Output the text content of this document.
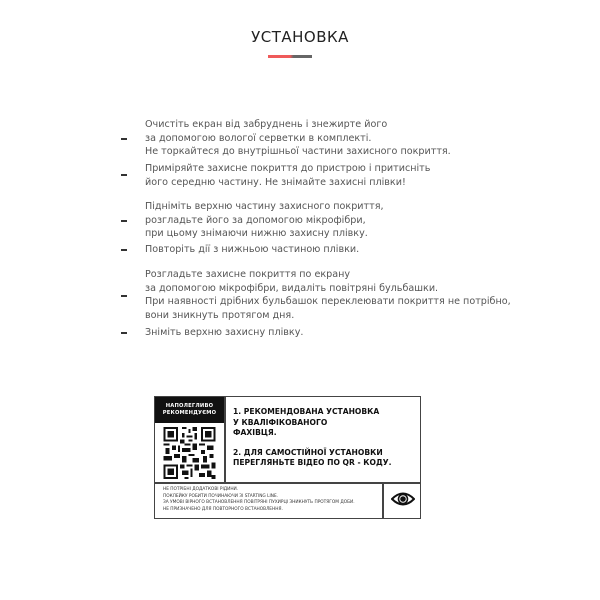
УСТАНОВКА
Очистіть екран від забруднень і знежирте його
за допомогою вологої серветки в комплекті.
Не торкайтеся до внутрішньої частини захисного покриття.
Приміряйте захисне покриття до пристрою і притисніть
його середню частину. Не знімайте захисні плівки!
Підніміть верхню частину захисного покриття,
розгладьте його за допомогою мікрофібри,
при цьому знімаючи нижню захисну плівку.
Повторіть дії з нижньою частиною плівки.
Розгладьте захисне покриття по екрану
за допомогою мікрофібри, видаліть повітряні бульбашки.
При наявності дрібних бульбашок переклеювати покриття не потрібно,
вони зникнуть протягом дня.
Зніміть верхню захисну плівку.
НАПОЛЕГЛИВО
РЕКОМЕНДУЄМО	1. РЕКОМЕНДОВАНА УСТАНОВКА
У КВАЛІФІКОВАНОГО
ФАХІВЦЯ.
2. ДЛЯ САМОСТІЙНОЇ УСТАНОВКИ
ПЕРЕГЛЯНЬТЕ ВІДЕО ПО QR - КОДУ.
НЕ ПОТРІБНІ ДОДАТКОВІ РІДИНИ.
ПОКЛЕЙКУ РОБИТИ ПОЧИНАЮЧИ ЗІ STARTING LINE.
ЗА УМОВІ ВІРНОГО ВСТАНОВЛЕННЯ ПОВІТРЯНІ ПУХИРЦІ ЗНИКНУТЬ ПРОТЯГОМ ДОБИ.
НЕ ПРИЗНАЧЕНО ДЛЯ ПОВТОРНОГО ВСТАНОВЛЕННЯ.
